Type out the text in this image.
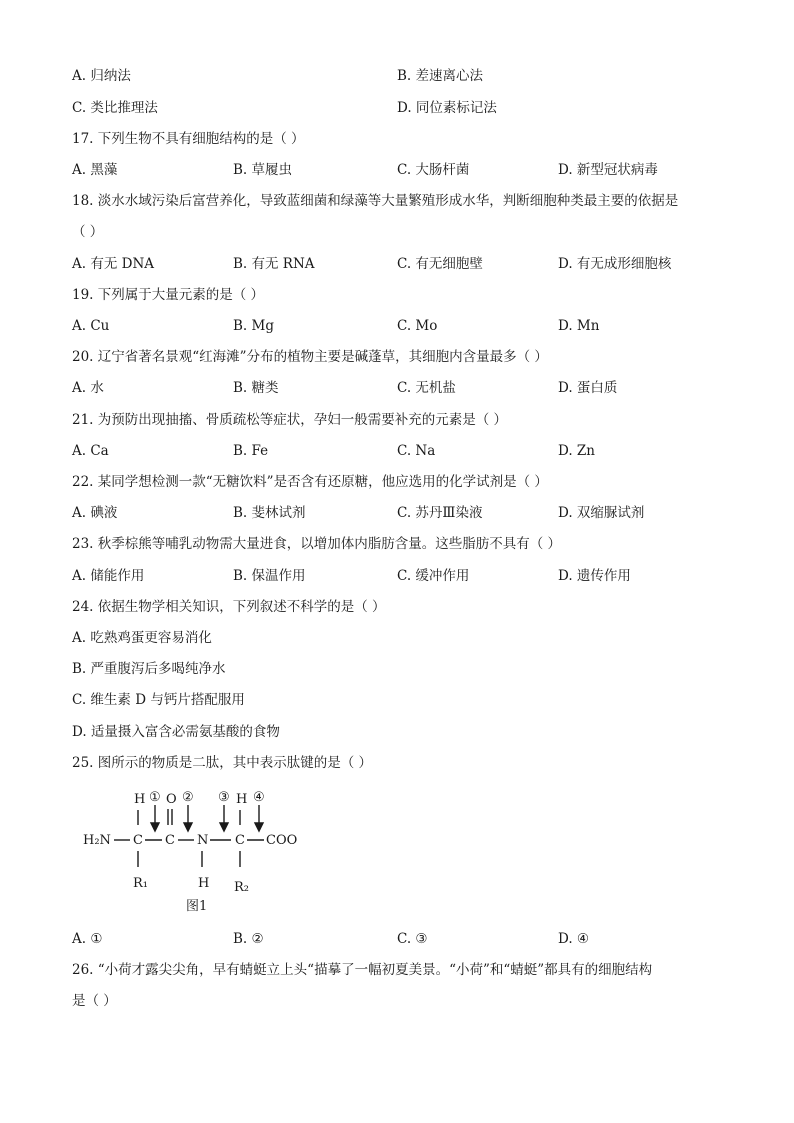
A. 归纳法	B. 差速离心法
C. 类比推理法	D. 同位素标记法
17. 下列生物不具有细胞结构的是（ ）
A. 黑藻	B. 草履虫	C. 大肠杆菌	D. 新型冠状病毒
18. 淡水水域污染后富营养化，导致蓝细菌和绿藻等大量繁殖形成水华，判断细胞种类最主要的依据是
（ ）
A. 有无 DNA	B. 有无 RNA	C. 有无细胞壁	D. 有无成形细胞核
19. 下列属于大量元素的是（ ）
A. Cu	B. Mg	C. Mo	D. Mn
20. 辽宁省著名景观“红海滩”分布的植物主要是碱蓬草，其细胞内含量最多（ ）
A. 水	B. 糖类	C. 无机盐	D. 蛋白质
21. 为预防出现抽搐、骨质疏松等症状，孕妇一般需要补充的元素是（ ）
A. Ca	B. Fe	C. Na	D. Zn
22. 某同学想检测一款“无糖饮料”是否含有还原糖，他应选用的化学试剂是（ ）
A. 碘液	B. 斐林试剂	C. 苏丹Ⅲ染液	D. 双缩脲试剂
23. 秋季棕熊等哺乳动物需大量进食，以增加体内脂肪含量。这些脂肪不具有（ ）
A. 储能作用	B. 保温作用	C. 缓冲作用	D. 遗传作用
24. 依据生物学相关知识，下列叙述不科学的是（ ）
A. 吃熟鸡蛋更容易消化
B. 严重腹泻后多喝纯净水
C. 维生素 D 与钙片搭配服用
D. 适量摄入富含必需氨基酸的食物
25. 图所示的物质是二肽，其中表示肽键的是（ ）
H₂N C C N C COO
H O	H
R₁	H R₂
① ② ③ ④
图1
A. ①	B. ②	C. ③	D. ④
26. “小荷才露尖尖角，早有蜻蜓立上头“描摹了一幅初夏美景。“小荷”和“蜻蜓”都具有的细胞结构
是（ ）
